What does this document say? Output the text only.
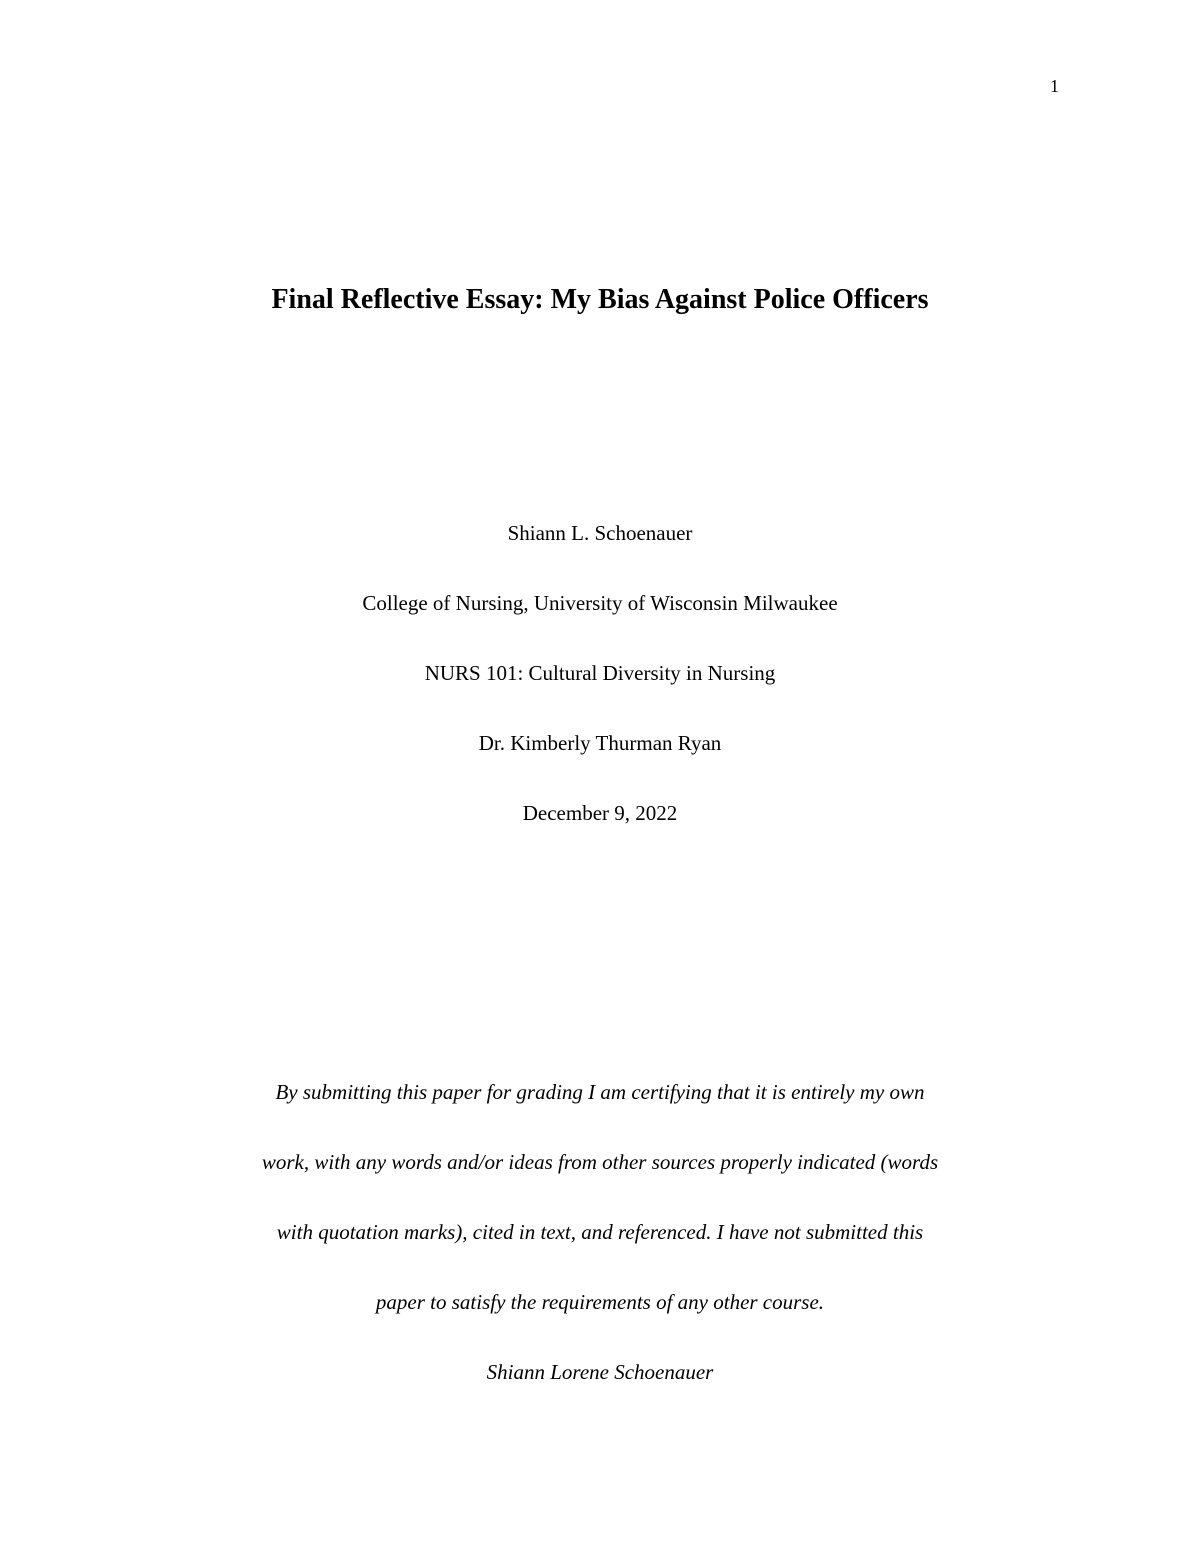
1
Final Reflective Essay: My Bias Against Police Officers

Shiann L. Schoenauer

College of Nursing, University of Wisconsin Milwaukee

NURS 101: Cultural Diversity in Nursing

Dr. Kimberly Thurman Ryan

December 9, 2022

By submitting this paper for grading I am certifying that it is entirely my own

work, with any words and/or ideas from other sources properly indicated (words

with quotation marks), cited in text, and referenced. I have not submitted this

paper to satisfy the requirements of any other course.

Shiann Lorene Schoenauer
